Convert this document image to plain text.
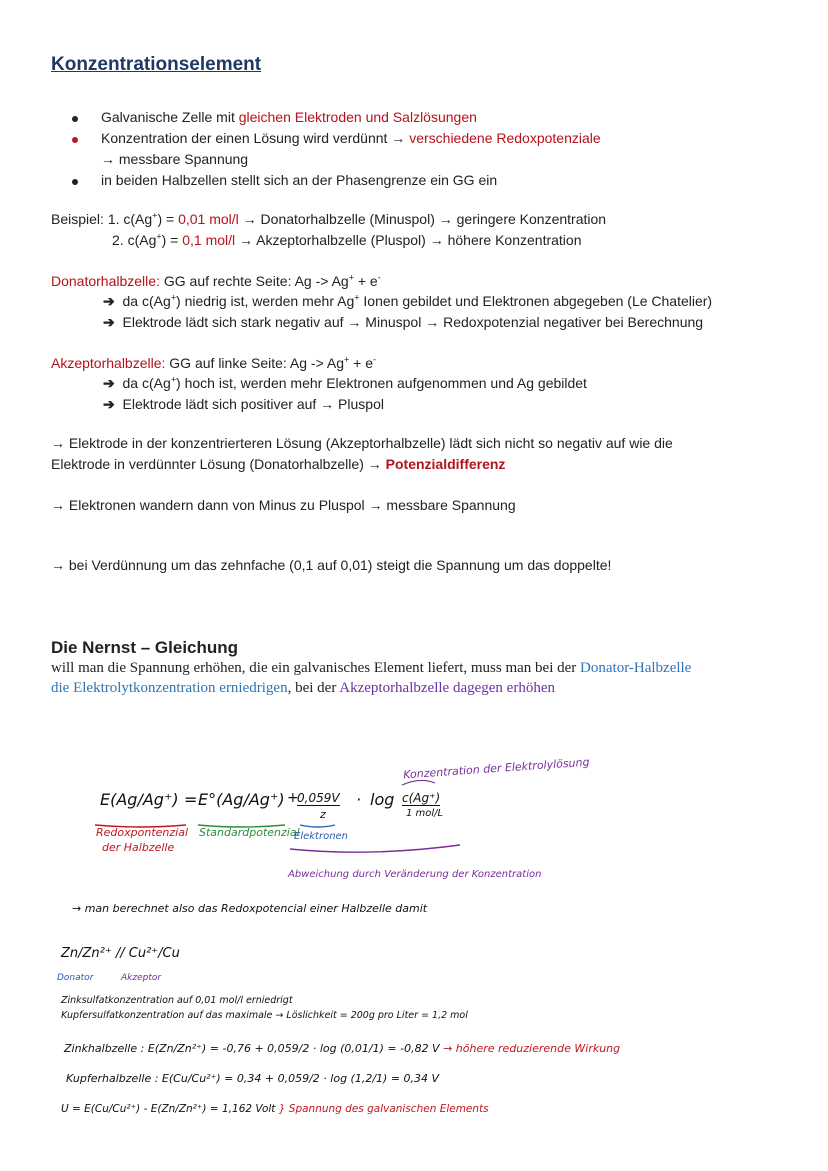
Konzentrationselement
Galvanische Zelle mit gleichen Elektroden und Salzlösungen
Konzentration der einen Lösung wird verdünnt → verschiedene Redoxpotenziale
→ messbare Spannung
in beiden Halbzellen stellt sich an der Phasengrenze ein GG ein
Beispiel: 1. c(Ag+) = 0,01 mol/l → Donatorhalbzelle (Minuspol) → geringere Konzentration
2. c(Ag+) = 0,1 mol/l → Akzeptorhalbzelle (Pluspol) → höhere Konzentration
Donatorhalbzelle: GG auf rechte Seite: Ag -> Ag+ + e-
➔ da c(Ag+) niedrig ist, werden mehr Ag+ Ionen gebildet und Elektronen abgegeben (Le Chatelier)
➔ Elektrode lädt sich stark negativ auf → Minuspol → Redoxpotenzial negativer bei Berechnung
Akzeptorhalbzelle: GG auf linke Seite: Ag -> Ag+ + e-
➔ da c(Ag+) hoch ist, werden mehr Elektronen aufgenommen und Ag gebildet
➔ Elektrode lädt sich positiver auf → Pluspol
→ Elektrode in der konzentrierteren Lösung (Akzeptorhalbzelle) lädt sich nicht so negativ auf wie die
Elektrode in verdünnter Lösung (Donatorhalbzelle) → Potenzialdifferenz
→ Elektronen wandern dann von Minus zu Pluspol → messbare Spannung
→ bei Verdünnung um das zehnfache (0,1 auf 0,01) steigt die Spannung um das doppelte!
Die Nernst – Gleichung
will man die Spannung erhöhen, die ein galvanisches Element liefert, muss man bei der Donator-Halbzelle
die Elektrolytkonzentration erniedrigen, bei der Akzeptorhalbzelle dagegen erhöhen
Konzentration der Elektrolylösung
E(Ag/Ag⁺) = E°(Ag/Ag⁺) +
0,059V
z
· log c(Ag⁺)
1 mol/L
Redoxpontenzial
der Halbzelle
Standardpotenzial
Elektronen
Abweichung durch Veränderung der Konzentration
→ man berechnet also das Redoxpotencial einer Halbzelle damit
Zn/Zn²⁺ // Cu²⁺/Cu
Donator	Akzeptor
Zinksulfatkonzentration auf 0,01 mol/l erniedrigt
Kupfersulfatkonzentration auf das maximale → Löslichkeit = 200g pro Liter = 1,2 mol
Zinkhalbzelle : E(Zn/Zn²⁺) = -0,76 + 0,059/2 · log (0,01/1) = -0,82 V → höhere reduzierende Wirkung
Kupferhalbzelle : E(Cu/Cu²⁺) = 0,34 + 0,059/2 · log (1,2/1) = 0,34 V
U = E(Cu/Cu²⁺) - E(Zn/Zn²⁺) = 1,162 Volt } Spannung des galvanischen Elements
